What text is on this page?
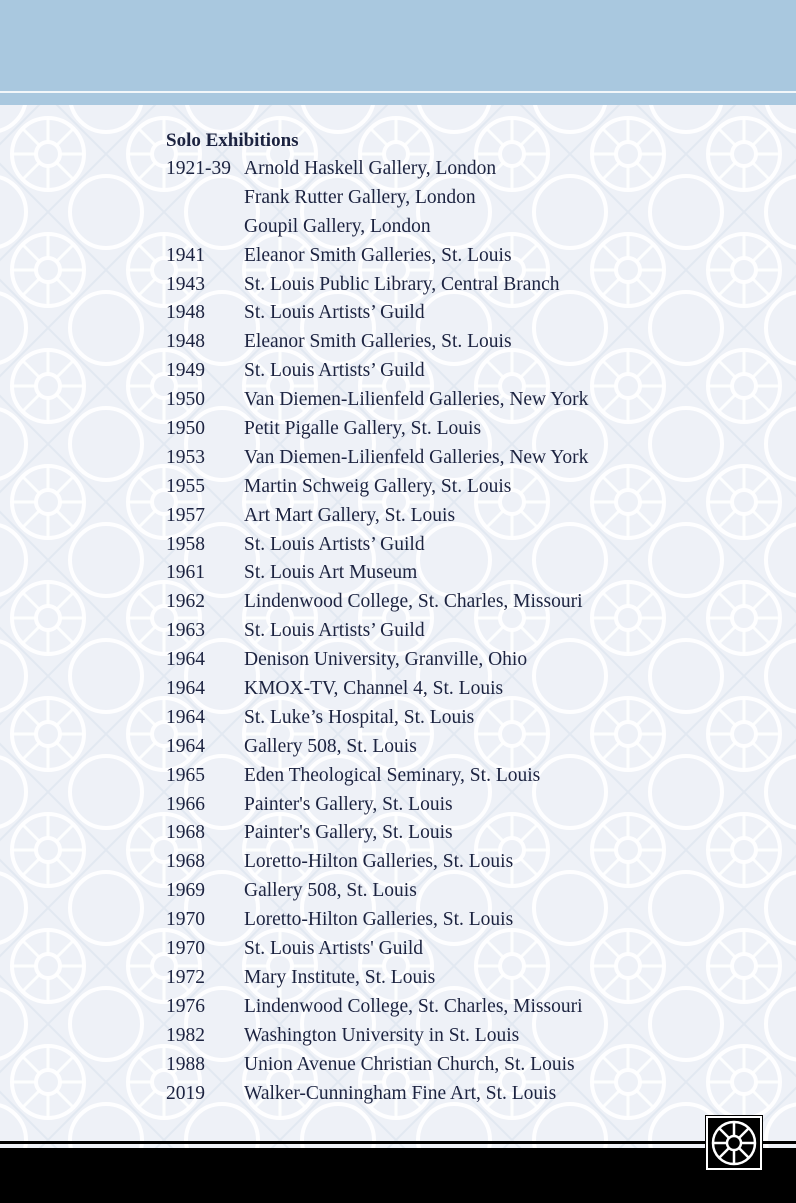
Solo Exhibitions
1921-39 Arnold Haskell Gallery, London
Frank Rutter Gallery, London
Goupil Gallery, London
1941 Eleanor Smith Galleries, St. Louis
1943 St. Louis Public Library, Central Branch
1948 St. Louis Artists’ Guild
1948 Eleanor Smith Galleries, St. Louis
1949 St. Louis Artists’ Guild
1950 Van Diemen-Lilienfeld Galleries, New York
1950 Petit Pigalle Gallery, St. Louis
1953 Van Diemen-Lilienfeld Galleries, New York
1955 Martin Schweig Gallery, St. Louis
1957 Art Mart Gallery, St. Louis
1958 St. Louis Artists’ Guild
1961 St. Louis Art Museum
1962 Lindenwood College, St. Charles, Missouri
1963 St. Louis Artists’ Guild
1964 Denison University, Granville, Ohio
1964 KMOX-TV, Channel 4, St. Louis
1964 St. Luke’s Hospital, St. Louis
1964 Gallery 508, St. Louis
1965 Eden Theological Seminary, St. Louis
1966 Painter's Gallery, St. Louis
1968 Painter's Gallery, St. Louis
1968 Loretto-Hilton Galleries, St. Louis
1969 Gallery 508, St. Louis
1970 Loretto-Hilton Galleries, St. Louis
1970 St. Louis Artists' Guild
1972 Mary Institute, St. Louis
1976 Lindenwood College, St. Charles, Missouri
1982 Washington University in St. Louis
1988 Union Avenue Christian Church, St. Louis
2019 Walker-Cunningham Fine Art, St. Louis
